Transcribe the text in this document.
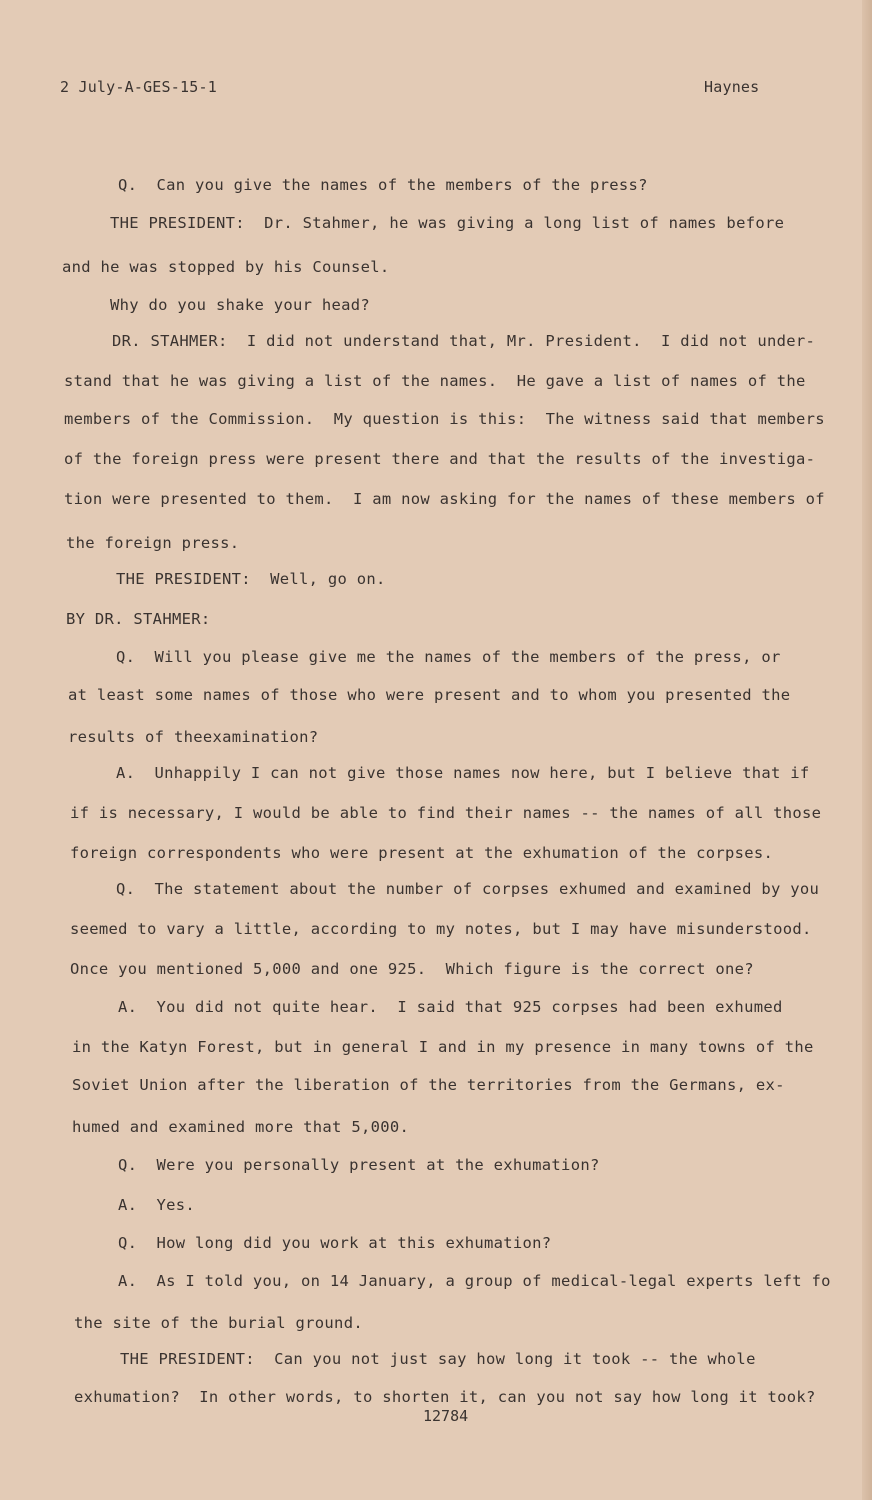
2 July-A-GES-15-1	Haynes
Q.  Can you give the names of the members of the press?
THE PRESIDENT:  Dr. Stahmer, he was giving a long list of names before
and he was stopped by his Counsel.
Why do you shake your head?
DR. STAHMER:  I did not understand that, Mr. President.  I did not under-
stand that he was giving a list of the names.  He gave a list of names of the
members of the Commission.  My question is this:  The witness said that members
of the foreign press were present there and that the results of the investiga-
tion were presented to them.  I am now asking for the names of these members of
the foreign press.
THE PRESIDENT:  Well, go on.
BY DR. STAHMER:
Q.  Will you please give me the names of the members of the press, or
at least some names of those who were present and to whom you presented the
results of theexamination?
A.  Unhappily I can not give those names now here, but I believe that if
if is necessary, I would be able to find their names -- the names of all those
foreign correspondents who were present at the exhumation of the corpses.
Q.  The statement about the number of corpses exhumed and examined by you
seemed to vary a little, according to my notes, but I may have misunderstood.
Once you mentioned 5,000 and one 925.  Which figure is the correct one?
A.  You did not quite hear.  I said that 925 corpses had been exhumed
in the Katyn Forest, but in general I and in my presence in many towns of the
Soviet Union after the liberation of the territories from the Germans, ex-
humed and examined more that 5,000.
Q.  Were you personally present at the exhumation?
A.  Yes.
Q.  How long did you work at this exhumation?
A.  As I told you, on 14 January, a group of medical-legal experts left fo
the site of the burial ground.
THE PRESIDENT:  Can you not just say how long it took -- the whole
exhumation?  In other words, to shorten it, can you not say how long it took?
12784
